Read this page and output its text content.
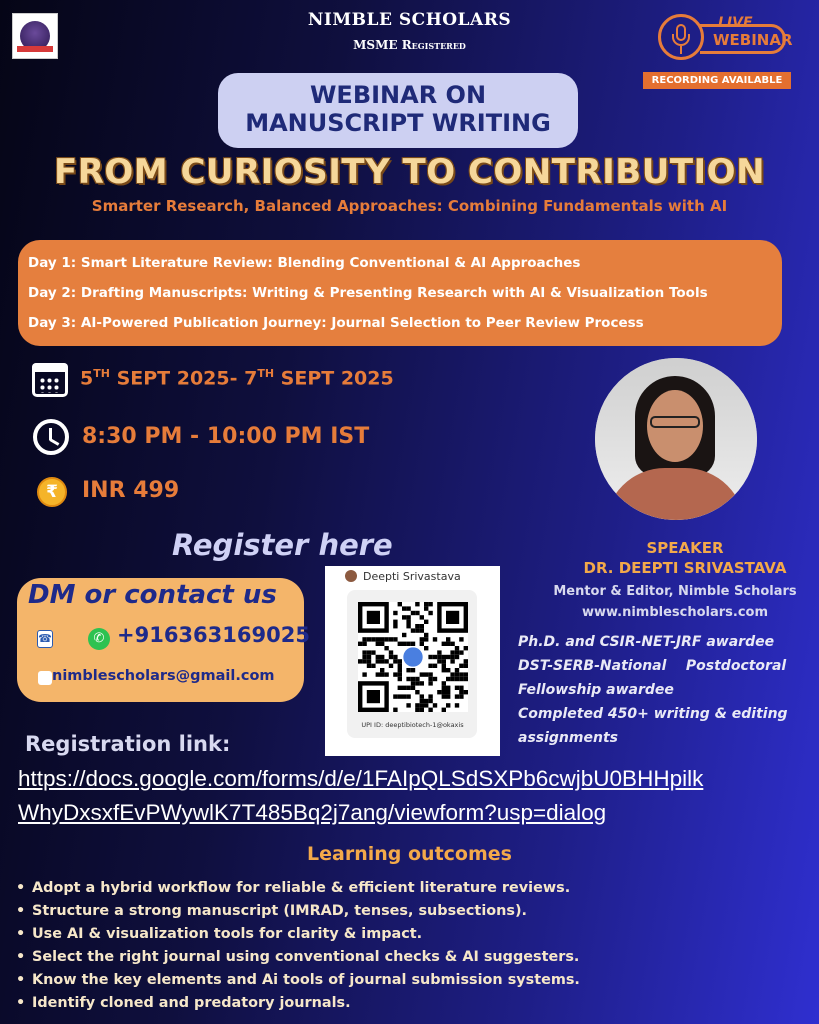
NIMBLE SCHOLARS
MSME Registered
LIVE
WEBINAR
RECORDING AVAILABLE
WEBINAR ON
MANUSCRIPT WRITING
FROM CURIOSITY TO CONTRIBUTION
Smarter Research, Balanced Approaches: Combining Fundamentals with AI
Day 1: Smart Literature Review: Blending Conventional & AI Approaches
Day 2: Drafting Manuscripts: Writing & Presenting Research with AI & Visualization Tools
Day 3: AI-Powered Publication Journey: Journal Selection to Peer Review Process
5TH SEPT 2025- 7TH SEPT 2025
8:30 PM - 10:00 PM IST
₹	INR 499
Register here
DM or contact us
☎	✆ +916363169025
nimblescholars@gmail.com
Deepti Srivastava
UPI ID: deeptibiotech-1@okaxis
SPEAKER
DR. DEEPTI SRIVASTAVA
Mentor & Editor, Nimble Scholars
www.nimblescholars.com
Ph.D. and CSIR-NET-JRF awardee
DST-SERB-National    Postdoctoral
Fellowship awardee
Completed 450+ writing & editing
assignments
Registration link:
https://docs.google.com/forms/d/e/1FAIpQLSdSXPb6cwjbU0BHHpilk
WhyDxsxfEvPWywlK7T485Bq2j7ang/viewform?usp=dialog
Learning outcomes
• Adopt a hybrid workflow for reliable & efficient literature reviews.
• Structure a strong manuscript (IMRAD, tenses, subsections).
• Use AI & visualization tools for clarity & impact.
• Select the right journal using conventional checks & AI suggesters.
• Know the key elements and Ai tools of journal submission systems.
• Identify cloned and predatory journals.
